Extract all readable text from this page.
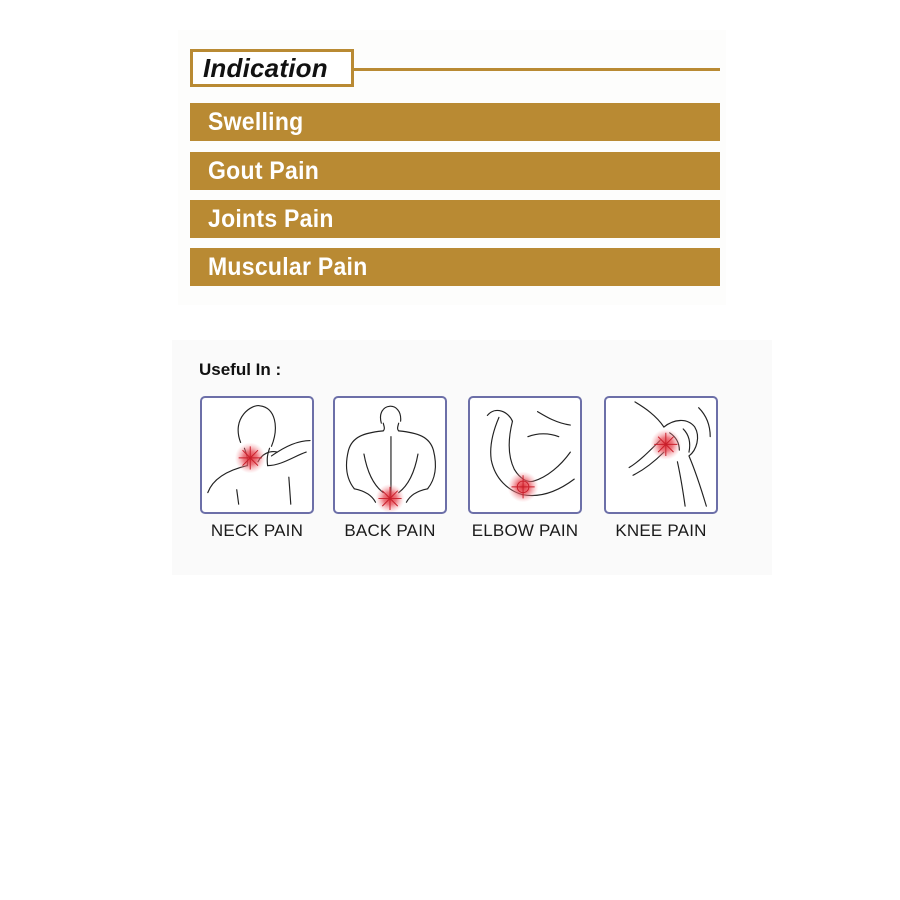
Indication
Swelling
Gout Pain
Joints Pain
Muscular Pain
Useful In :
NECK PAIN	BACK PAIN	ELBOW PAIN	KNEE PAIN
